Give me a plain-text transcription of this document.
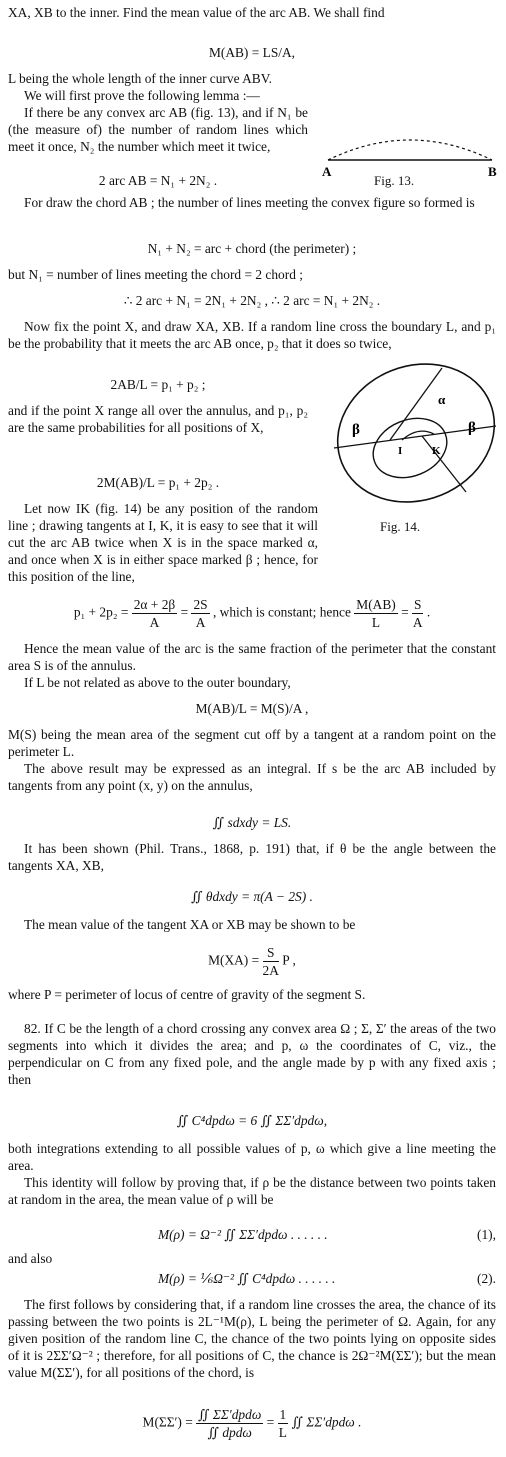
XA, XB to the inner. Find the mean value of the arc AB. We shall find

M(AB) = LS/A,

L being the whole length of the inner curve ABV.

We will first prove the following lemma :—

If there be any convex arc AB (fig. 13), and if N₁ be (the measure of) the number of random lines which meet it once, N₂ the number which meet it twice,

2 arc AB = N₁ + 2N₂ .

A	B
Fig. 13.

For draw the chord AB ; the number of lines meeting the convex figure so formed is

N₁ + N₂ = arc + chord (the perimeter) ;

but N₁ = number of lines meeting the chord = 2 chord ;

∴ 2 arc + N₁ = 2N₁ + 2N₂ , ∴ 2 arc = N₁ + 2N₂ .

Now fix the point X, and draw XA, XB. If a random line cross the boundary L, and p₁ be the probability that it meets the arc AB once, p₂ that it does so twice,

2AB/L = p₁ + p₂ ;

and if the point X range all over the annulus, and p₁, p₂ are the same probabilities for all positions of X,

2M(AB)/L = p₁ + 2p₂ .

Let now IK (fig. 14) be any position of the random line ; drawing tangents at I, K, it is easy to see that it will cut the arc AB twice when X is in the space marked α, and once when X is in either space marked β ; hence, for this position of the line,

α
β	β
I	K
Fig. 14.
$p_1 + 2p_2 = \frac{2\alpha + 2\beta}{A} = \frac{2S}{A}$ , which is constant; hence $\frac{M(AB)}{L} = \frac{S}{A}$ .

Hence the mean value of the arc is the same fraction of the perimeter that the constant area S is of the annulus.

If L be not related as above to the outer boundary,

M(AB)/L = M(S)/A ,

M(S) being the mean area of the segment cut off by a tangent at a random point on the perimeter L.

The above result may be expressed as an integral. If s be the arc AB included by tangents from any point (x, y) on the annulus,

∬ sdxdy = LS.

It has been shown (Phil. Trans., 1868, p. 191) that, if θ be the angle between the tangents XA, XB,

∬ θdxdy = π(A − 2S) .

The mean value of the tangent XA or XB may be shown to be

$M(XA) = \frac{S}{2A}$ P ,

where P = perimeter of locus of centre of gravity of the segment S.

82. If C be the length of a chord crossing any convex area Ω ; Σ, Σ′ the areas of the two segments into which it divides the area; and p, ω the coordinates of C, viz., the perpendicular on C from any fixed pole, and the angle made by p with any fixed axis ; then

∬ C⁴dpdω = 6 ∬ ΣΣ′dpdω,

both integrations extending to all possible values of p, ω which give a line meeting the area.

This identity will follow by proving that, if ρ be the distance between two points taken at random in the area, the mean value of ρ will be

M(ρ) = Ω⁻² ∬ ΣΣ′dpdω . . . . . .	(1),

and also

M(ρ) = ⅙Ω⁻² ∬ C⁴dpdω . . . . . .	(2).

The first follows by considering that, if a random line crosses the area, the chance of its passing between the two points is 2L⁻¹M(ρ), L being the perimeter of Ω. Again, for any given position of the random line C, the chance of the two points lying on opposite sides of it is 2ΣΣ′Ω⁻² ; therefore, for all positions of C, the chance is 2Ω⁻²M(ΣΣ′); but the mean value M(ΣΣ′), for all positions of the chord, is

M(ΣΣ′) =
∬ ΣΣ′dpdω
∬ dpdω
= $\frac{1}{L}$ ∬ ΣΣ′dpdω .
